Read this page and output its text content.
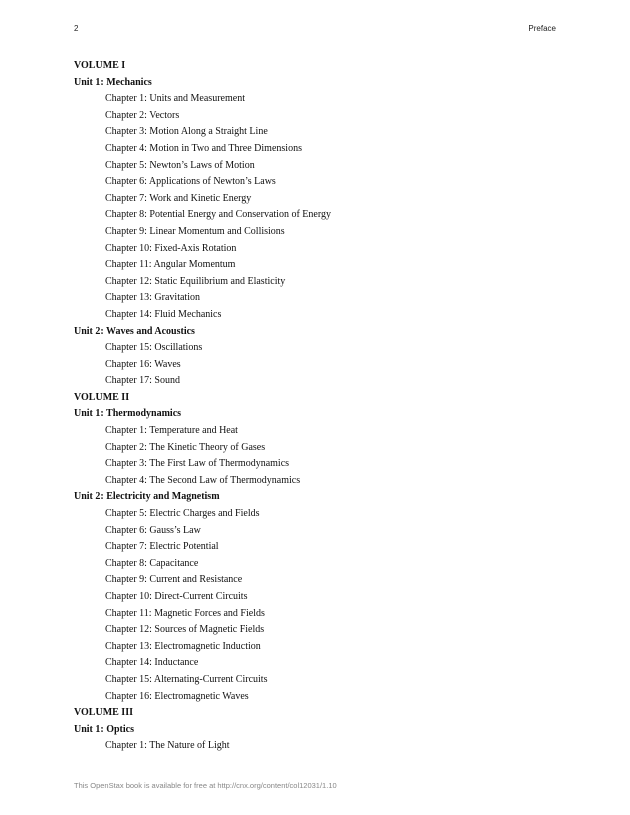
2	Preface
VOLUME I
Unit 1: Mechanics
Chapter 1: Units and Measurement
Chapter 2: Vectors
Chapter 3: Motion Along a Straight Line
Chapter 4: Motion in Two and Three Dimensions
Chapter 5: Newton’s Laws of Motion
Chapter 6: Applications of Newton’s Laws
Chapter 7: Work and Kinetic Energy
Chapter 8: Potential Energy and Conservation of Energy
Chapter 9: Linear Momentum and Collisions
Chapter 10: Fixed-Axis Rotation
Chapter 11: Angular Momentum
Chapter 12: Static Equilibrium and Elasticity
Chapter 13: Gravitation
Chapter 14: Fluid Mechanics
Unit 2: Waves and Acoustics
Chapter 15: Oscillations
Chapter 16: Waves
Chapter 17: Sound
VOLUME II
Unit 1: Thermodynamics
Chapter 1: Temperature and Heat
Chapter 2: The Kinetic Theory of Gases
Chapter 3: The First Law of Thermodynamics
Chapter 4: The Second Law of Thermodynamics
Unit 2: Electricity and Magnetism
Chapter 5: Electric Charges and Fields
Chapter 6: Gauss’s Law
Chapter 7: Electric Potential
Chapter 8: Capacitance
Chapter 9: Current and Resistance
Chapter 10: Direct-Current Circuits
Chapter 11: Magnetic Forces and Fields
Chapter 12: Sources of Magnetic Fields
Chapter 13: Electromagnetic Induction
Chapter 14: Inductance
Chapter 15: Alternating-Current Circuits
Chapter 16: Electromagnetic Waves
VOLUME III
Unit 1: Optics
Chapter 1: The Nature of Light
This OpenStax book is available for free at http://cnx.org/content/col12031/1.10
